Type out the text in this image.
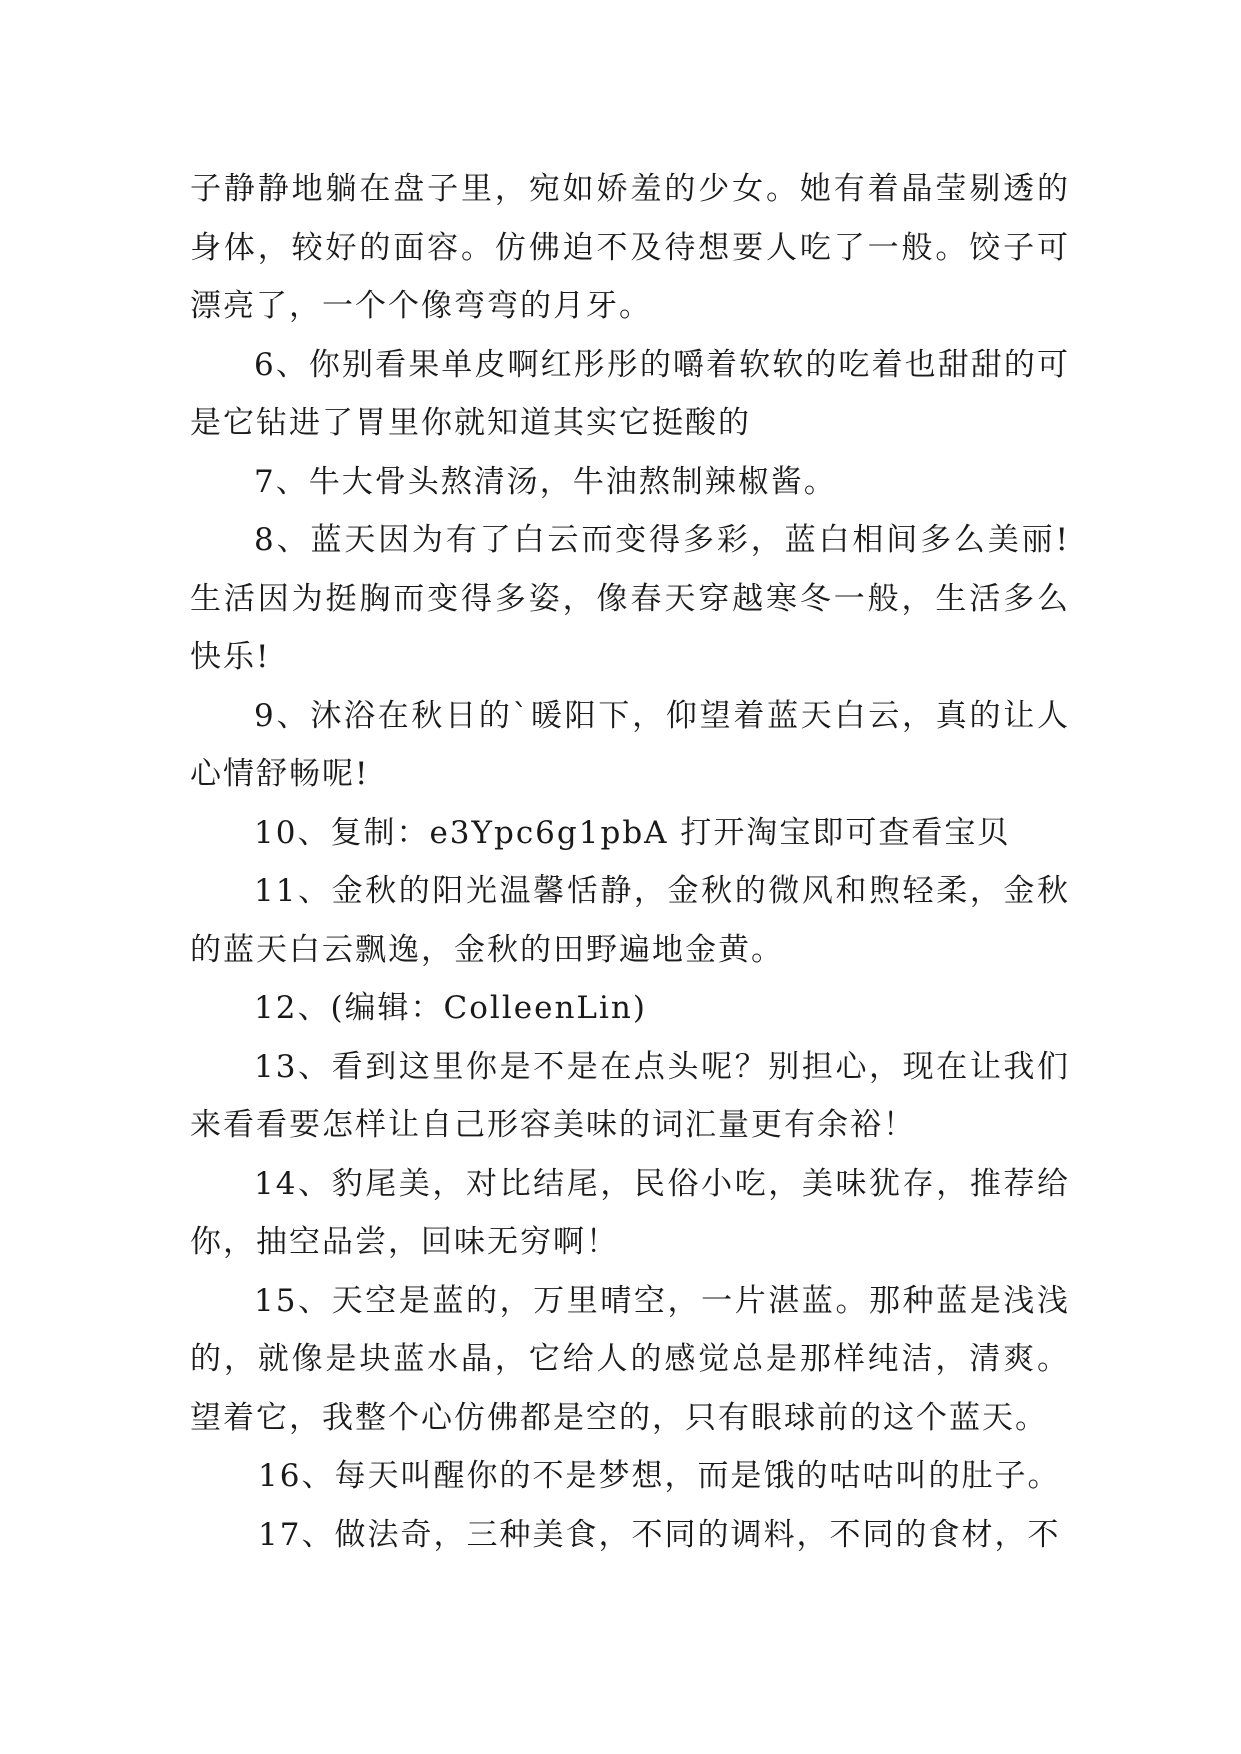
子静静地躺在盘子里，宛如娇羞的少女。她有着晶莹剔透的身体，较好的面容。仿佛迫不及待想要人吃了一般。饺子可漂亮了，一个个像弯弯的月牙。

6、你别看果单皮啊红彤彤的嚼着软软的吃着也甜甜的可是它钻进了胃里你就知道其实它挺酸的

7、牛大骨头熬清汤，牛油熬制辣椒酱。

8、蓝天因为有了白云而变得多彩，蓝白相间多么美丽!生活因为挺胸而变得多姿，像春天穿越寒冬一般，生活多么快乐!

9、沐浴在秋日的`暖阳下，仰望着蓝天白云，真的让人心情舒畅呢!

10、复制：e3Ypc6g1pbA 打开淘宝即可查看宝贝

11、金秋的阳光温馨恬静，金秋的微风和煦轻柔，金秋的蓝天白云飘逸，金秋的田野遍地金黄。

12、(编辑：ColleenLin)

13、看到这里你是不是在点头呢？别担心，现在让我们来看看要怎样让自己形容美味的词汇量更有余裕！

14、豹尾美，对比结尾，民俗小吃，美味犹存，推荐给你，抽空品尝，回味无穷啊！

15、天空是蓝的，万里晴空，一片湛蓝。那种蓝是浅浅的，就像是块蓝水晶，它给人的感觉总是那样纯洁，清爽。望着它，我整个心仿佛都是空的，只有眼球前的这个蓝天。

16、每天叫醒你的不是梦想，而是饿的咕咕叫的肚子。

17、做法奇，三种美食，不同的调料，不同的食材，不
